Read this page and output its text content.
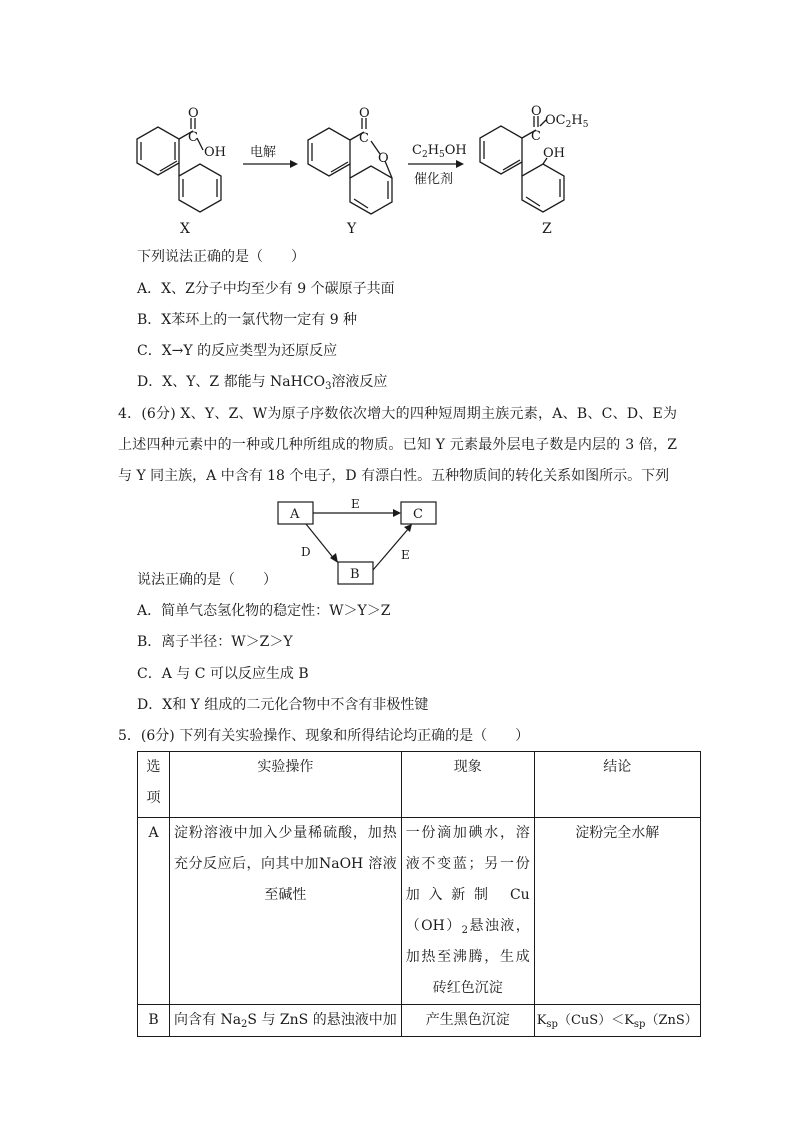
O
C
OH
O
C
O
O
C
$OC_2H_5$
OH
电解	$C_2H_5OH$
催化剂
X	Y	Z
下列说法正确的是（　　）
A．X、Z分子中均至少有 9 个碳原子共面
B．X苯环上的一氯代物一定有 9 种
C．X→Y 的反应类型为还原反应
D．X、Y、Z 都能与 NaHCO$_3$溶液反应
4．(6分) X、Y、Z、W为原子序数依次增大的四种短周期主族元素，A、B、C、D、E为上述四种元素中的一种或几种所组成的物质。已知 Y 元素最外层电子数是内层的 3 倍，Z 与 Y 同主族，A 中含有 18 个电子，D 有漂白性。五种物质间的转化关系如图所示。下列
A	C
B
E
D	E
说法正确的是（　　）
A．简单气态氢化物的稳定性：W＞Y＞Z
B．离子半径：W＞Z＞Y
C．A 与 C 可以反应生成 B
D．X和 Y 组成的二元化合物中不含有非极性键
5．(6分) 下列有关实验操作、现象和所得结论均正确的是（　　）
选项	实验操作	现象	结论
A	淀粉溶液中加入少量稀硫酸，加热充分反应后，向其中加NaOH 溶液至碱性	一份滴加碘水，溶液不变蓝；另一份加入新制 $Cu(OH)_2$悬浊液，加热至沸腾，生成砖红色沉淀	淀粉完全水解
B	向含有 $Na_2S$ 与 ZnS 的悬浊液中加	产生黑色沉淀	$K_{sp}(CuS)<K_{sp}(ZnS)$
